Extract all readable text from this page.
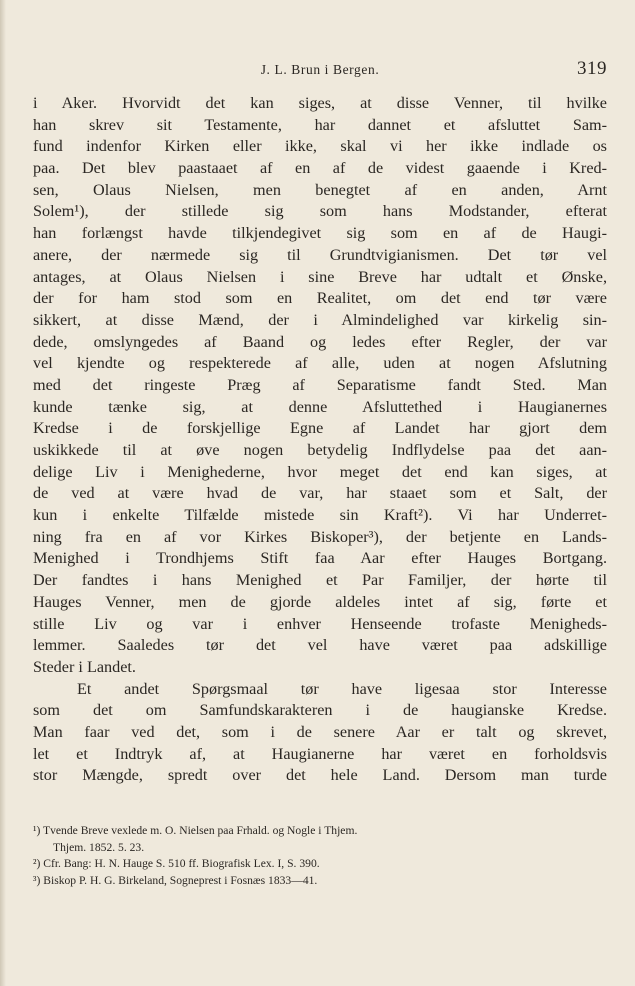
J. L. Brun i Bergen.	319
i Aker. Hvorvidt det kan siges, at disse Venner, til hvilke
han skrev sit Testamente, har dannet et afsluttet Sam-
fund indenfor Kirken eller ikke, skal vi her ikke indlade os
paa. Det blev paastaaet af en af de videst gaaende i Kred-
sen, Olaus Nielsen, men benegtet af en anden, Arnt
Solem¹), der stillede sig som hans Modstander, efterat
han forlængst havde tilkjendegivet sig som en af de Haugi-
anere, der nærmede sig til Grundtvigianismen. Det tør vel
antages, at Olaus Nielsen i sine Breve har udtalt et Ønske,
der for ham stod som en Realitet, om det end tør være
sikkert, at disse Mænd, der i Almindelighed var kirkelig sin-
dede, omslyngedes af Baand og ledes efter Regler, der var
vel kjendte og respekterede af alle, uden at nogen Afslutning
med det ringeste Præg af Separatisme fandt Sted. Man
kunde tænke sig, at denne Afsluttethed i Haugianernes
Kredse i de forskjellige Egne af Landet har gjort dem
uskikkede til at øve nogen betydelig Indflydelse paa det aan-
delige Liv i Menighederne, hvor meget det end kan siges, at
de ved at være hvad de var, har staaet som et Salt, der
kun i enkelte Tilfælde mistede sin Kraft²). Vi har Underret-
ning fra en af vor Kirkes Biskoper³), der betjente en Lands-
Menighed i Trondhjems Stift faa Aar efter Hauges Bortgang.
Der fandtes i hans Menighed et Par Familjer, der hørte til
Hauges Venner, men de gjorde aldeles intet af sig, førte et
stille Liv og var i enhver Henseende trofaste Menigheds-
lemmer. Saaledes tør det vel have været paa adskillige
Steder i Landet.
Et andet Spørgsmaal tør have ligesaa stor Interesse
som det om Samfundskarakteren i de haugianske Kredse.
Man faar ved det, som i de senere Aar er talt og skrevet,
let et Indtryk af, at Haugianerne har været en forholdsvis
stor Mængde, spredt over det hele Land. Dersom man turde
¹) Tvende Breve vexlede m. O. Nielsen paa Frhald. og Nogle i Thjem.
Thjem. 1852. 5. 23.
²) Cfr. Bang: H. N. Hauge S. 510 ff. Biografisk Lex. I, S. 390.
³) Biskop P. H. G. Birkeland, Sogneprest i Fosnæs 1833—41.
